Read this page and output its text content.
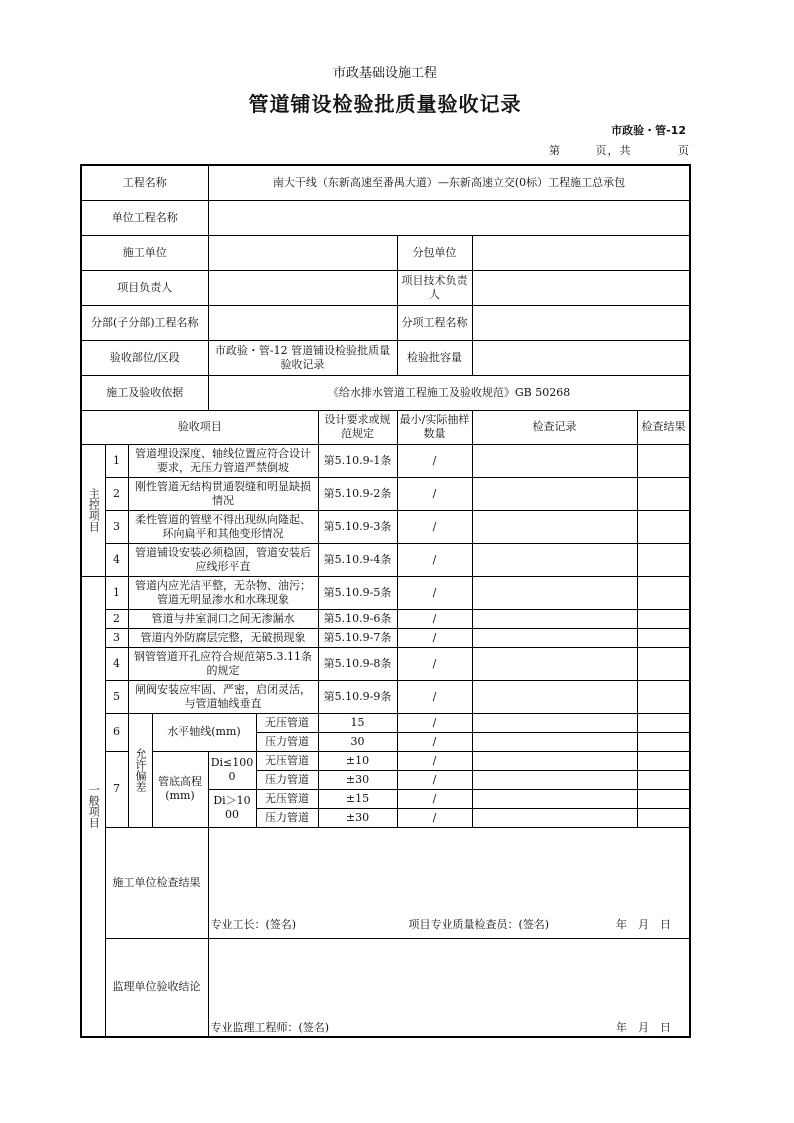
市政基础设施工程
管道铺设检验批质量验收记录
市政验・管-12
第	页，共	页
工程名称				南大干线（东新高速至番禺大道）—东新高速立交(0标）工程施工总承包					
单位工程名称									
施工单位							分包单位		
项目负责人							项目技术负责人		
分部(子分部)工程名称							分项工程名称		
验收部位/区段				市政验・管-12 管道铺设检验批质量验收记录			检验批容量		
施工及验收依据				《给水排水管道工程施工及验收规范》GB 50268					
验收项目						设计要求或规范规定	最小/实际抽样数量	检查记录	检查结果
主控项目	1	管道埋设深度、轴线位置应符合设计要求，无压力管道严禁倒坡				第5.10.9-1条	/		
	2	刚性管道无结构贯通裂缝和明显缺损情况				第5.10.9-2条	/		
	3	柔性管道的管壁不得出现纵向隆起、环向扁平和其他变形情况				第5.10.9-3条	/		
	4	管道铺设安装必须稳固，管道安装后应线形平直				第5.10.9-4条	/		
一般项目	1	管道内应光洁平整，无杂物、油污；管道无明显渗水和水珠现象				第5.10.9-5条	/		
	2	管道与井室洞口之间无渗漏水				第5.10.9-6条	/		
	3	管道内外防腐层完整，无破损现象				第5.10.9-7条	/		
	4	钢管管道开孔应符合规范第5.3.11条的规定				第5.10.9-8条	/		
	5	闸阀安装应牢固、严密，启闭灵活，与管道轴线垂直				第5.10.9-9条	/		
	6	允许偏差	水平轴线(mm)		无压管道	15	/		
					压力管道	30	/		
	7		管底高程(mm)	Di≤1000	无压管道	±10	/		
					压力管道	±30	/		
				Di＞1000	无压管道	±15	/		
					压力管道	±30	/		
	施工单位检查结果			专业工长：(签名) 项目专业质量检查员：(签名) 年　月　日					

	监理单位验收结论			专业监理工程师：(签名) 年　月　日					
